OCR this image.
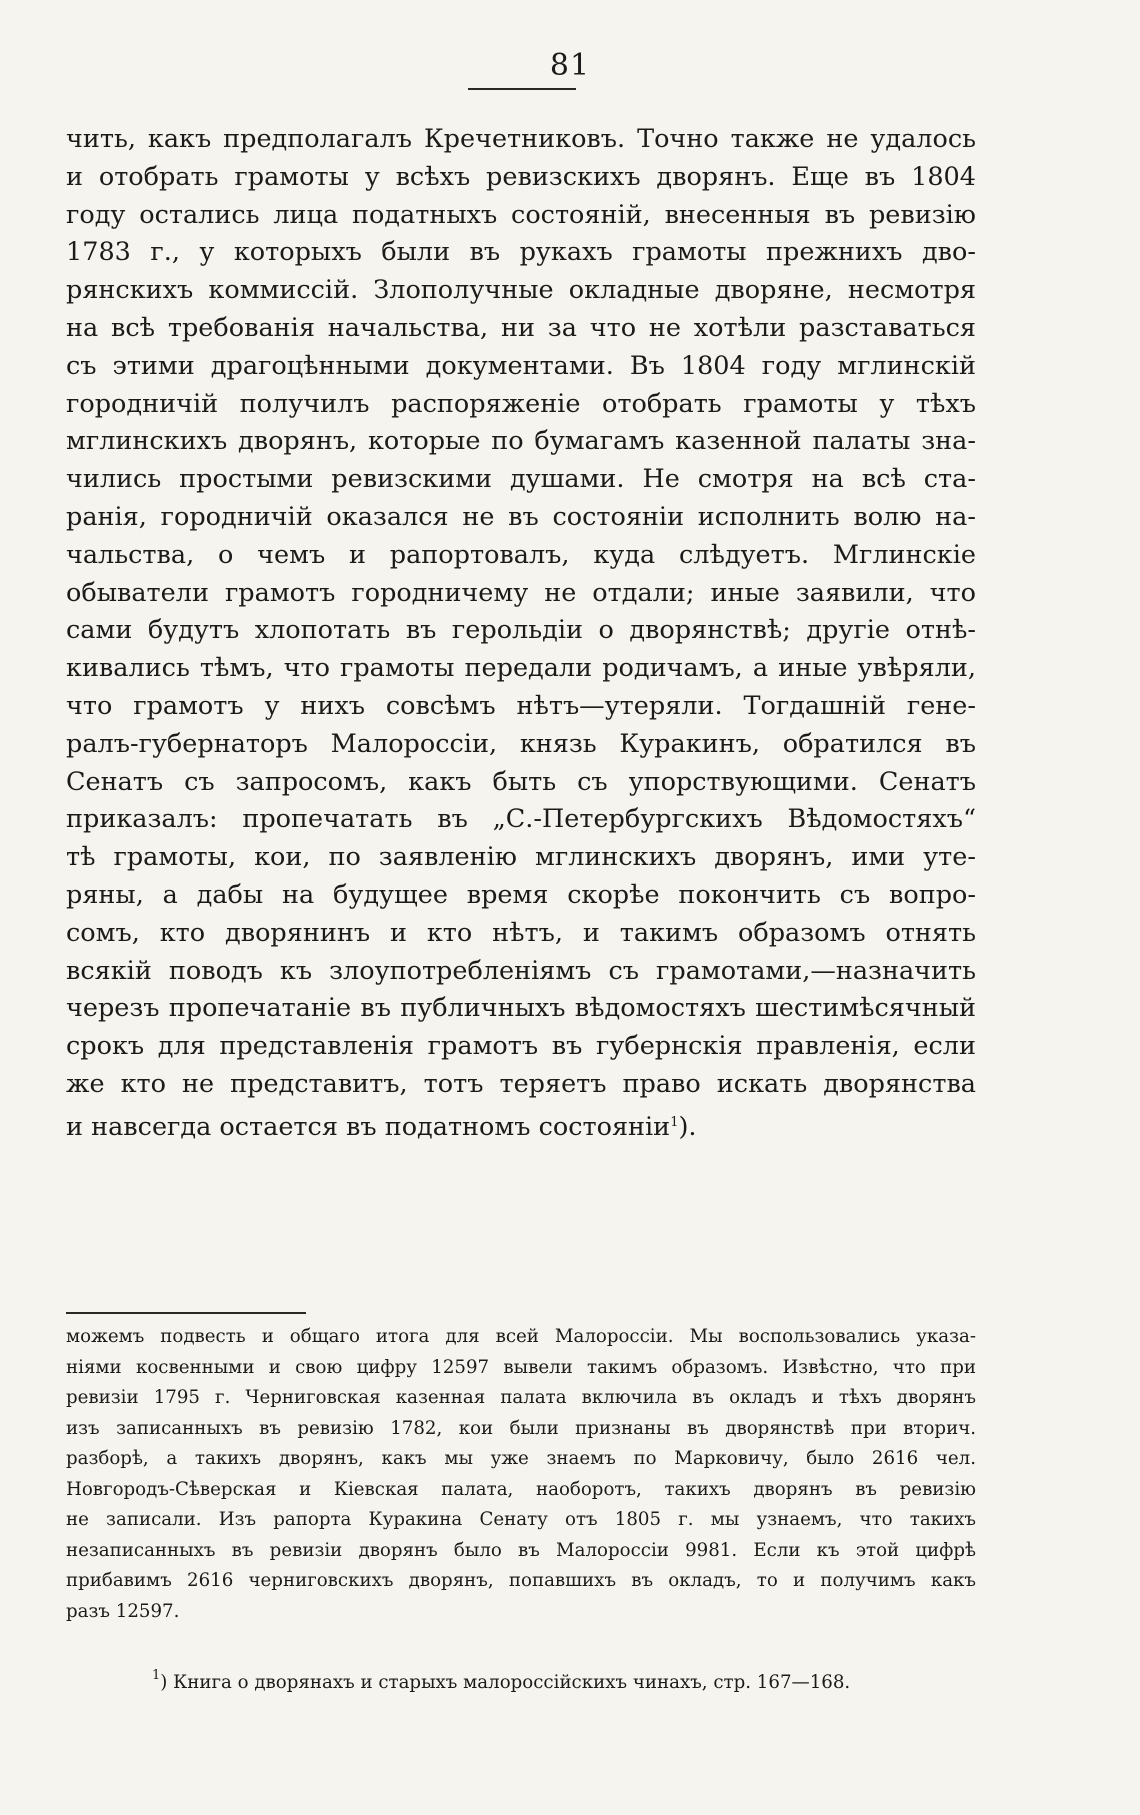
81
чить, какъ предполагалъ Кречетниковъ. Точно также не удалось
и отобрать грамоты у всѣхъ ревизскихъ дворянъ. Еще въ 1804
году остались лица податныхъ состояній, внесенныя въ ревизію
1783 г., у которыхъ были въ рукахъ грамоты прежнихъ дво-
рянскихъ коммиссій. Злополучные окладные дворяне, несмотря
на всѣ требованія начальства, ни за что не хотѣли разставаться
съ этими драгоцѣнными документами. Въ 1804 году мглинскій
городничій получилъ распоряженіе отобрать грамоты у тѣхъ
мглинскихъ дворянъ, которые по бумагамъ казенной палаты зна-
чились простыми ревизскими душами. Не смотря на всѣ ста-
ранія, городничій оказался не въ состояніи исполнить волю на-
чальства, о чемъ и рапортовалъ, куда слѣдуетъ. Мглинскіе
обыватели грамотъ городничему не отдали; иные заявили, что
сами будутъ хлопотать въ герольдіи о дворянствѣ; другіе отнѣ-
кивались тѣмъ, что грамоты передали родичамъ, а иные увѣряли,
что грамотъ у нихъ совсѣмъ нѣтъ—утеряли. Тогдашній гене-
ралъ-губернаторъ Малороссіи, князь Куракинъ, обратился въ
Сенатъ съ запросомъ, какъ быть съ упорствующими. Сенатъ
приказалъ: пропечатать въ „С.-Петербургскихъ Вѣдомостяхъ“
тѣ грамоты, кои, по заявленію мглинскихъ дворянъ, ими уте-
ряны, а дабы на будущее время скорѣе покончить съ вопро-
сомъ, кто дворянинъ и кто нѣтъ, и такимъ образомъ отнять
всякій поводъ къ злоупотребленіямъ съ грамотами,—назначить
черезъ пропечатаніе въ публичныхъ вѣдомостяхъ шестимѣсячный
срокъ для представленія грамотъ въ губернскія правленія, если
же кто не представитъ, тотъ теряетъ право искать дворянства
и навсегда остается въ податномъ состояніи$^1$).
можемъ подвесть и общаго итога для всей Малороссіи. Мы воспользовались указа-
ніями косвенными и свою цифру 12597 вывели такимъ образомъ. Извѣстно, что при
ревизіи 1795 г. Черниговская казенная палата включила въ окладъ и тѣхъ дворянъ
изъ записанныхъ въ ревизію 1782, кои были признаны въ дворянствѣ при вторич.
разборѣ, а такихъ дворянъ, какъ мы уже знаемъ по Марковичу, было 2616 чел.
Новгородъ-Сѣверская и Кіевская палата, наоборотъ, такихъ дворянъ въ ревизію
не записали. Изъ рапорта Куракина Сенату отъ 1805 г. мы узнаемъ, что такихъ
незаписанныхъ въ ревизіи дворянъ было въ Малороссіи 9981. Если къ этой цифрѣ
прибавимъ 2616 черниговскихъ дворянъ, попавшихъ въ окладъ, то и получимъ какъ
разъ 12597.
$^1$) Книга о дворянахъ и старыхъ малороссійскихъ чинахъ, стр. 167—168.
